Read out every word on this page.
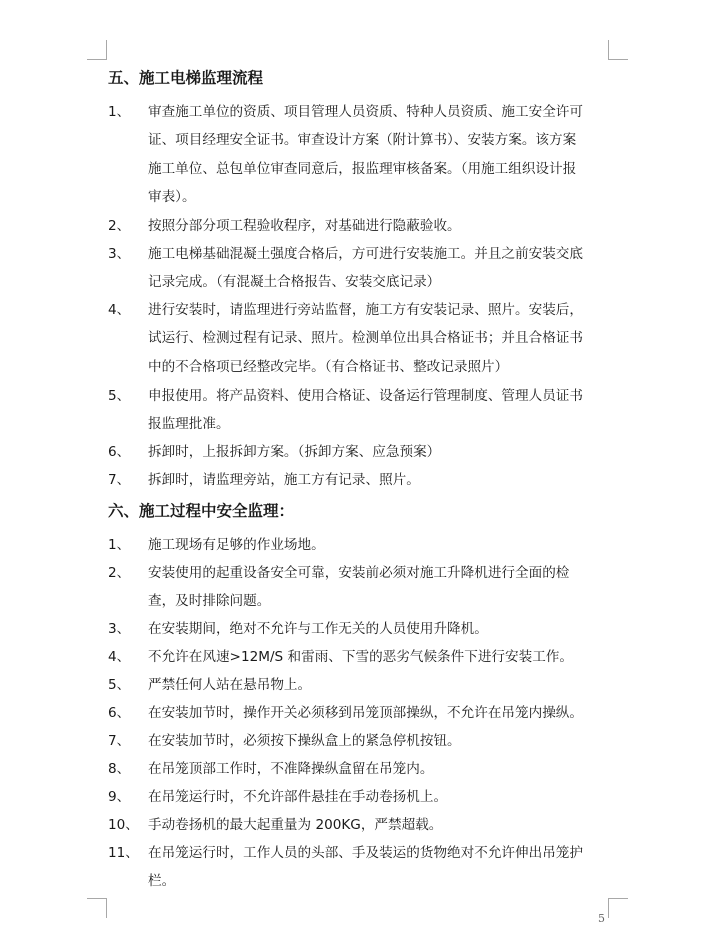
五、施工电梯监理流程
1、 审查施工单位的资质、项目管理人员资质、特种人员资质、施工安全许可
证、项目经理安全证书。审查设计方案（附计算书）、安装方案。该方案
施工单位、总包单位审查同意后，报监理审核备案。（用施工组织设计报
审表）。
2、 按照分部分项工程验收程序，对基础进行隐蔽验收。
3、 施工电梯基础混凝土强度合格后，方可进行安装施工。并且之前安装交底
记录完成。（有混凝土合格报告、安装交底记录）
4、 进行安装时，请监理进行旁站监督，施工方有安装记录、照片。安装后，
试运行、检测过程有记录、照片。检测单位出具合格证书；并且合格证书
中的不合格项已经整改完毕。（有合格证书、整改记录照片）
5、 申报使用。将产品资料、使用合格证、设备运行管理制度、管理人员证书
报监理批准。
6、 拆卸时，上报拆卸方案。（拆卸方案、应急预案）
7、 拆卸时，请监理旁站，施工方有记录、照片。
六、施工过程中安全监理：
1、 施工现场有足够的作业场地。
2、 安装使用的起重设备安全可靠，安装前必须对施工升降机进行全面的检
查，及时排除问题。
3、 在安装期间，绝对不允许与工作无关的人员使用升降机。
4、 不允许在风速>12M/S 和雷雨、下雪的恶劣气候条件下进行安装工作。
5、 严禁任何人站在悬吊物上。
6、 在安装加节时，操作开关必须移到吊笼顶部操纵，不允许在吊笼内操纵。
7、 在安装加节时，必须按下操纵盒上的紧急停机按钮。
8、 在吊笼顶部工作时，不准降操纵盒留在吊笼内。
9、 在吊笼运行时，不允许部件悬挂在手动卷扬机上。
10、 手动卷扬机的最大起重量为 200KG，严禁超载。
11、 在吊笼运行时，工作人员的头部、手及装运的货物绝对不允许伸出吊笼护
栏。
5
